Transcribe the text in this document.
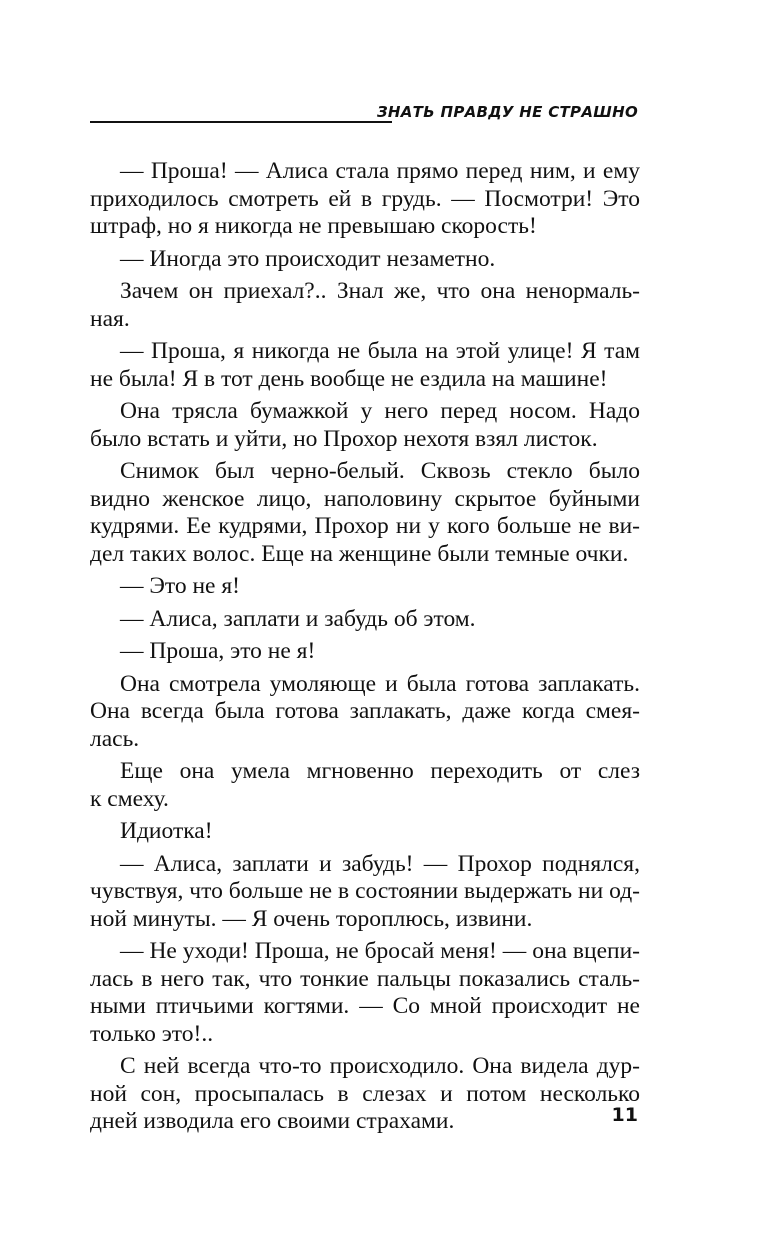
ЗНАТЬ ПРАВДУ НЕ СТРАШНО
— Проша! — Алиса стала прямо перед ним, и ему
приходилось смотреть ей в грудь. — Посмотри! Это
штраф, но я никогда не превышаю скорость!
— Иногда это происходит незаметно.
Зачем он приехал?.. Знал же, что она ненормаль-
ная.
— Проша, я никогда не была на этой улице! Я там
не была! Я в тот день вообще не ездила на машине!
Она трясла бумажкой у него перед носом. Надо
было встать и уйти, но Прохор нехотя взял листок.
Снимок был черно-белый. Сквозь стекло было
видно женское лицо, наполовину скрытое буйными
кудрями. Ее кудрями, Прохор ни у кого больше не ви-
дел таких волос. Еще на женщине были темные очки.
— Это не я!
— Алиса, заплати и забудь об этом.
— Проша, это не я!
Она смотрела умоляюще и была готова заплакать.
Она всегда была готова заплакать, даже когда смея-
лась.
Еще она умела мгновенно переходить от слез
к смеху.
Идиотка!
— Алиса, заплати и забудь! — Прохор поднялся,
чувствуя, что больше не в состоянии выдержать ни од-
ной минуты. — Я очень тороплюсь, извини.
— Не уходи! Проша, не бросай меня! — она вцепи-
лась в него так, что тонкие пальцы показались сталь-
ными птичьими когтями. — Со мной происходит не
только это!..
С ней всегда что-то происходило. Она видела дур-
ной сон, просыпалась в слезах и потом несколько
дней изводила его своими страхами.	11
